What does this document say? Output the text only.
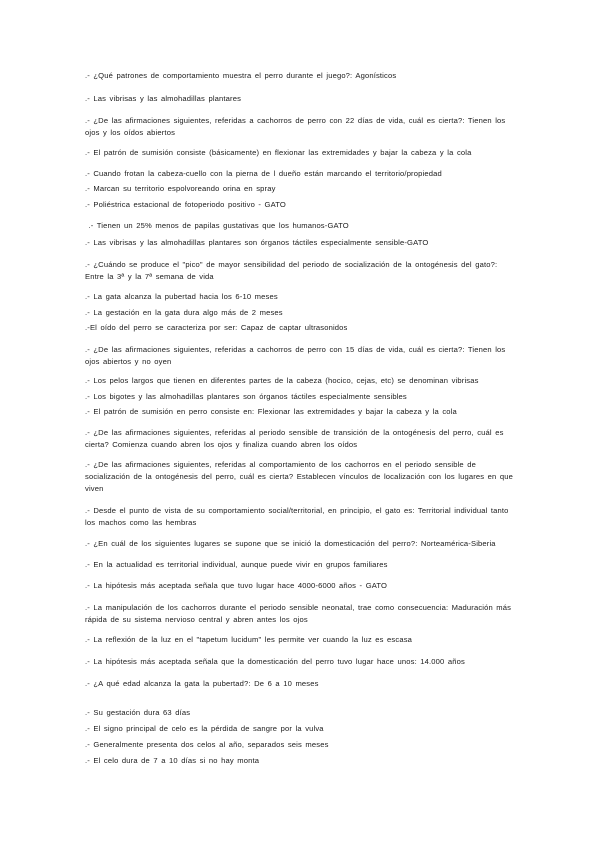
.- ¿Qué patrones de comportamiento muestra el perro durante el juego?: Agonísticos
.- Las vibrisas y las almohadillas plantares
.- ¿De las afirmaciones siguientes, referidas a cachorros de perro con 22 días de vida, cuál es cierta?: Tienen los ojos y los oídos abiertos
.- El patrón de sumisión consiste (básicamente) en flexionar las extremidades y bajar la cabeza y la cola
.- Cuando frotan la cabeza-cuello con la pierna de l dueño están marcando el territorio/propiedad
.- Marcan su territorio espolvoreando orina en spray
.- Poliéstrica estacional de fotoperiodo positivo - GATO
.- Tienen un 25% menos de papilas gustativas que los humanos-GATO
.- Las vibrisas y las almohadillas plantares son órganos táctiles especialmente sensible-GATO
.- ¿Cuándo se produce el "pico" de mayor sensibilidad del periodo de socialización de la ontogénesis del gato?: Entre la 3ª y la 7ª semana de vida
.- La gata alcanza la pubertad hacia los 6-10 meses
.- La gestación en la gata dura algo más de 2 meses
.-El oído del perro se caracteriza por ser: Capaz de captar ultrasonidos
.- ¿De las afirmaciones siguientes, referidas a cachorros de perro con 15 días de vida, cuál es cierta?: Tienen los ojos abiertos y no oyen
.- Los pelos largos que tienen en diferentes partes de la cabeza (hocico, cejas, etc) se denominan vibrisas
.- Los bigotes y las almohadillas plantares son órganos táctiles especialmente sensibles
.- El patrón de sumisión en perro consiste en: Flexionar las extremidades y bajar la cabeza y la cola
.- ¿De las afirmaciones siguientes, referidas al periodo sensible de transición de la ontogénesis del perro, cuál es cierta? Comienza cuando abren los ojos y finaliza cuando abren los oídos
.- ¿De las afirmaciones siguientes, referidas al comportamiento de los cachorros en el periodo sensible de socialización de la ontogénesis del perro, cuál es cierta? Establecen vínculos de localización con los lugares en que viven
.- Desde el punto de vista de su comportamiento social/territorial, en principio, el gato es: Territorial individual tanto los machos como las hembras
.- ¿En cuál de los siguientes lugares se supone que se inició la domesticación del perro?: Norteamérica-Siberia
.- En la actualidad es territorial individual, aunque puede vivir en grupos familiares
.- La hipótesis más aceptada señala que tuvo lugar hace 4000-6000 años - GATO
.- La manipulación de los cachorros durante el periodo sensible neonatal, trae como consecuencia: Maduración más rápida de su sistema nervioso central y abren antes los ojos
.- La reflexión de la luz en el "tapetum lucidum" les permite ver cuando la luz es escasa
.- La hipótesis más aceptada señala que la domesticación del perro tuvo lugar hace unos: 14.000 años
.- ¿A qué edad alcanza la gata la pubertad?: De 6 a 10 meses
.- Su gestación dura 63 días
.- El signo principal de celo es la pérdida de sangre por la vulva
.- Generalmente presenta dos celos al año, separados seis meses
.- El celo dura de 7 a 10 días si no hay monta
